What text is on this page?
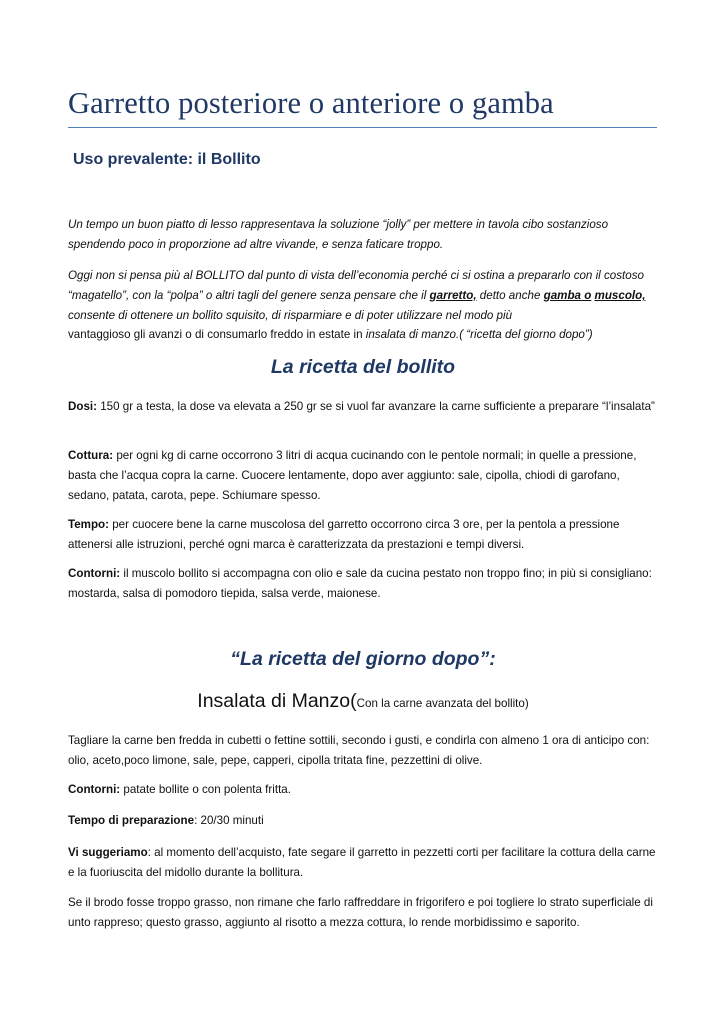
Garretto posteriore o anteriore o gamba
Uso prevalente: il Bollito

Un tempo un buon piatto di lesso rappresentava la soluzione “jolly” per mettere in tavola cibo sostanzioso spendendo poco in proporzione ad altre vivande, e senza faticare troppo.

Oggi non si pensa più al BOLLITO dal punto di vista dell’economia perché ci si ostina a prepararlo con il costoso “magatello”, con la “polpa” o altri tagli del genere senza pensare che il garretto, detto anche gamba o muscolo, consente di ottenere un bollito squisito, di risparmiare e di poter utilizzare nel modo più
vantaggioso gli avanzi o di consumarlo freddo in estate in insalata di manzo.( “ricetta del giorno dopo”)

La ricetta del bollito

Dosi: 150 gr a testa, la dose va elevata a 250 gr se si vuol far avanzare la carne sufficiente a preparare “l’insalata”

Cottura: per ogni kg di carne occorrono 3 litri di acqua cucinando con le pentole normali; in quelle a pressione, basta che l’acqua copra la carne. Cuocere lentamente, dopo aver aggiunto: sale, cipolla, chiodi di garofano, sedano, patata, carota, pepe. Schiumare spesso.

Tempo: per cuocere bene la carne muscolosa del garretto occorrono circa 3 ore, per la pentola a pressione attenersi alle istruzioni, perché ogni marca è caratterizzata da prestazioni e tempi diversi.

Contorni: il muscolo bollito si accompagna con olio e sale da cucina pestato non troppo fino; in più si consigliano: mostarda, salsa di pomodoro tiepida, salsa verde, maionese.

“La ricetta del giorno dopo”:
Insalata di Manzo(Con la carne avanzata del bollito)

Tagliare la carne ben fredda in cubetti o fettine sottili, secondo i gusti, e condirla con almeno 1 ora di anticipo con: olio, aceto,poco limone, sale, pepe, capperi, cipolla tritata fine, pezzettini di olive.

Contorni: patate bollite o con polenta fritta.

Tempo di preparazione: 20/30 minuti

Vi suggeriamo: al momento dell’acquisto, fate segare il garretto in pezzetti corti per facilitare la cottura della carne e la fuoriuscita del midollo durante la bollitura.

Se il brodo fosse troppo grasso, non rimane che farlo raffreddare in frigorifero e poi togliere lo strato superficiale di unto rappreso; questo grasso, aggiunto al risotto a mezza cottura, lo rende morbidissimo e saporito.
